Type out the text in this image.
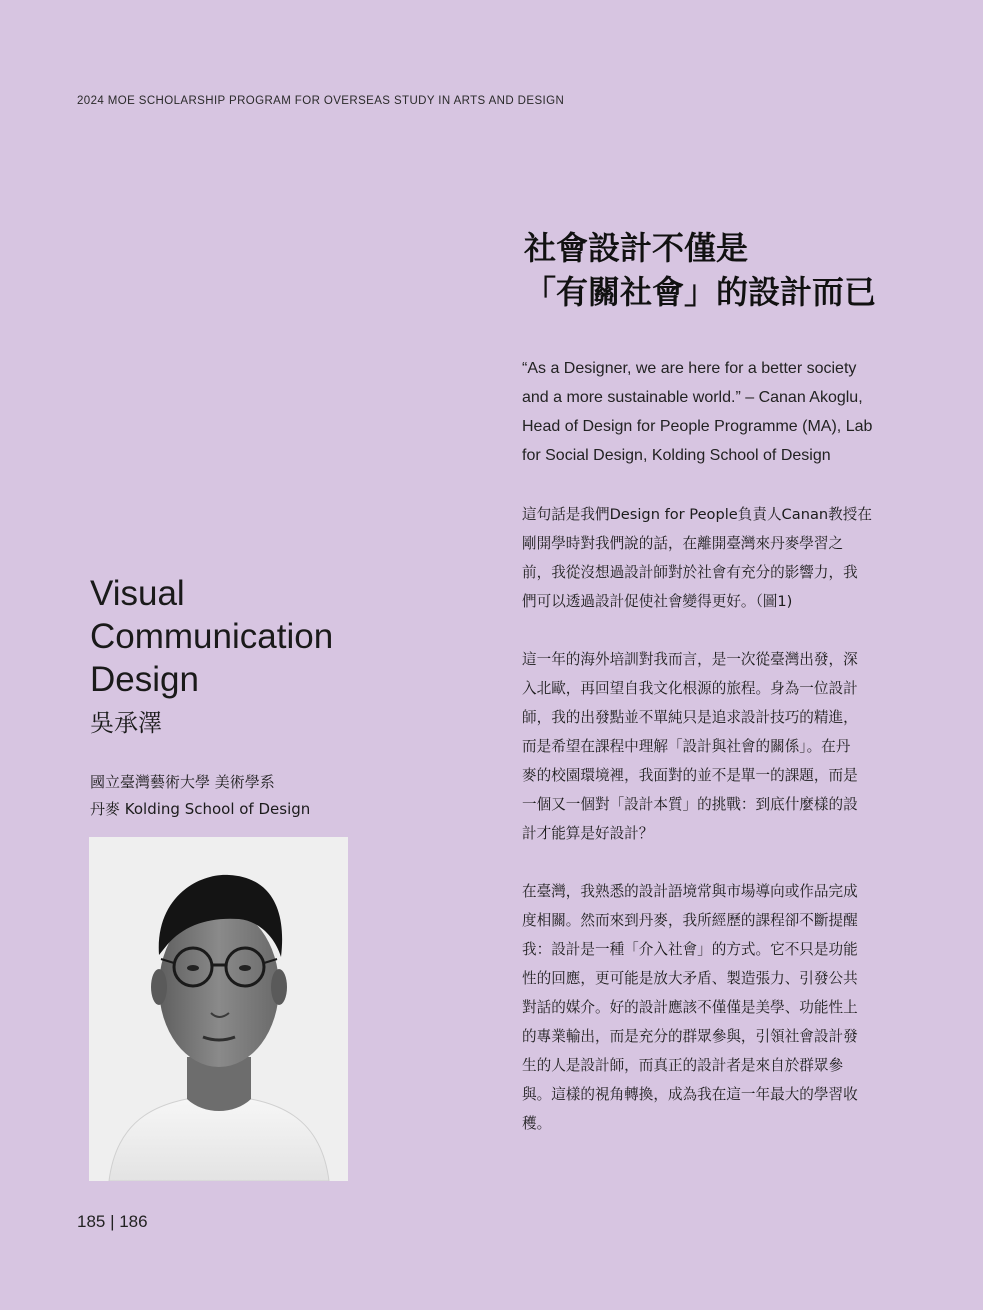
2024 MOE SCHOLARSHIP PROGRAM FOR OVERSEAS STUDY IN ARTS AND DESIGN
Visual
Communication
Design
吳承澤
國立臺灣藝術大學 美術學系
丹麥 Kolding School of Design
185 | 186
社會設計不僅是
「有關社會」的設計而已
“As a Designer, we are here for a better society
and a more sustainable world.” – Canan Akoglu,
Head of Design for People Programme (MA), Lab
for Social Design, Kolding School of Design
這句話是我們Design for People負責人Canan教授在
剛開學時對我們說的話，在離開臺灣來丹麥學習之
前，我從沒想過設計師對於社會有充分的影響力，我
們可以透過設計促使社會變得更好。（圖1)
這一年的海外培訓對我而言，是一次從臺灣出發，深
入北歐，再回望自我文化根源的旅程。身為一位設計
師，我的出發點並不單純只是追求設計技巧的精進，
而是希望在課程中理解「設計與社會的關係」。在丹
麥的校園環境裡，我面對的並不是單一的課題，而是
一個又一個對「設計本質」的挑戰：到底什麼樣的設
計才能算是好設計？
在臺灣，我熟悉的設計語境常與市場導向或作品完成
度相關。然而來到丹麥，我所經歷的課程卻不斷提醒
我：設計是一種「介入社會」的方式。它不只是功能
性的回應，更可能是放大矛盾、製造張力、引發公共
對話的媒介。好的設計應該不僅僅是美學、功能性上
的專業輸出，而是充分的群眾參與，引領社會設計發
生的人是設計師，而真正的設計者是來自於群眾參
與。這樣的視角轉換，成為我在這一年最大的學習收
穫。
